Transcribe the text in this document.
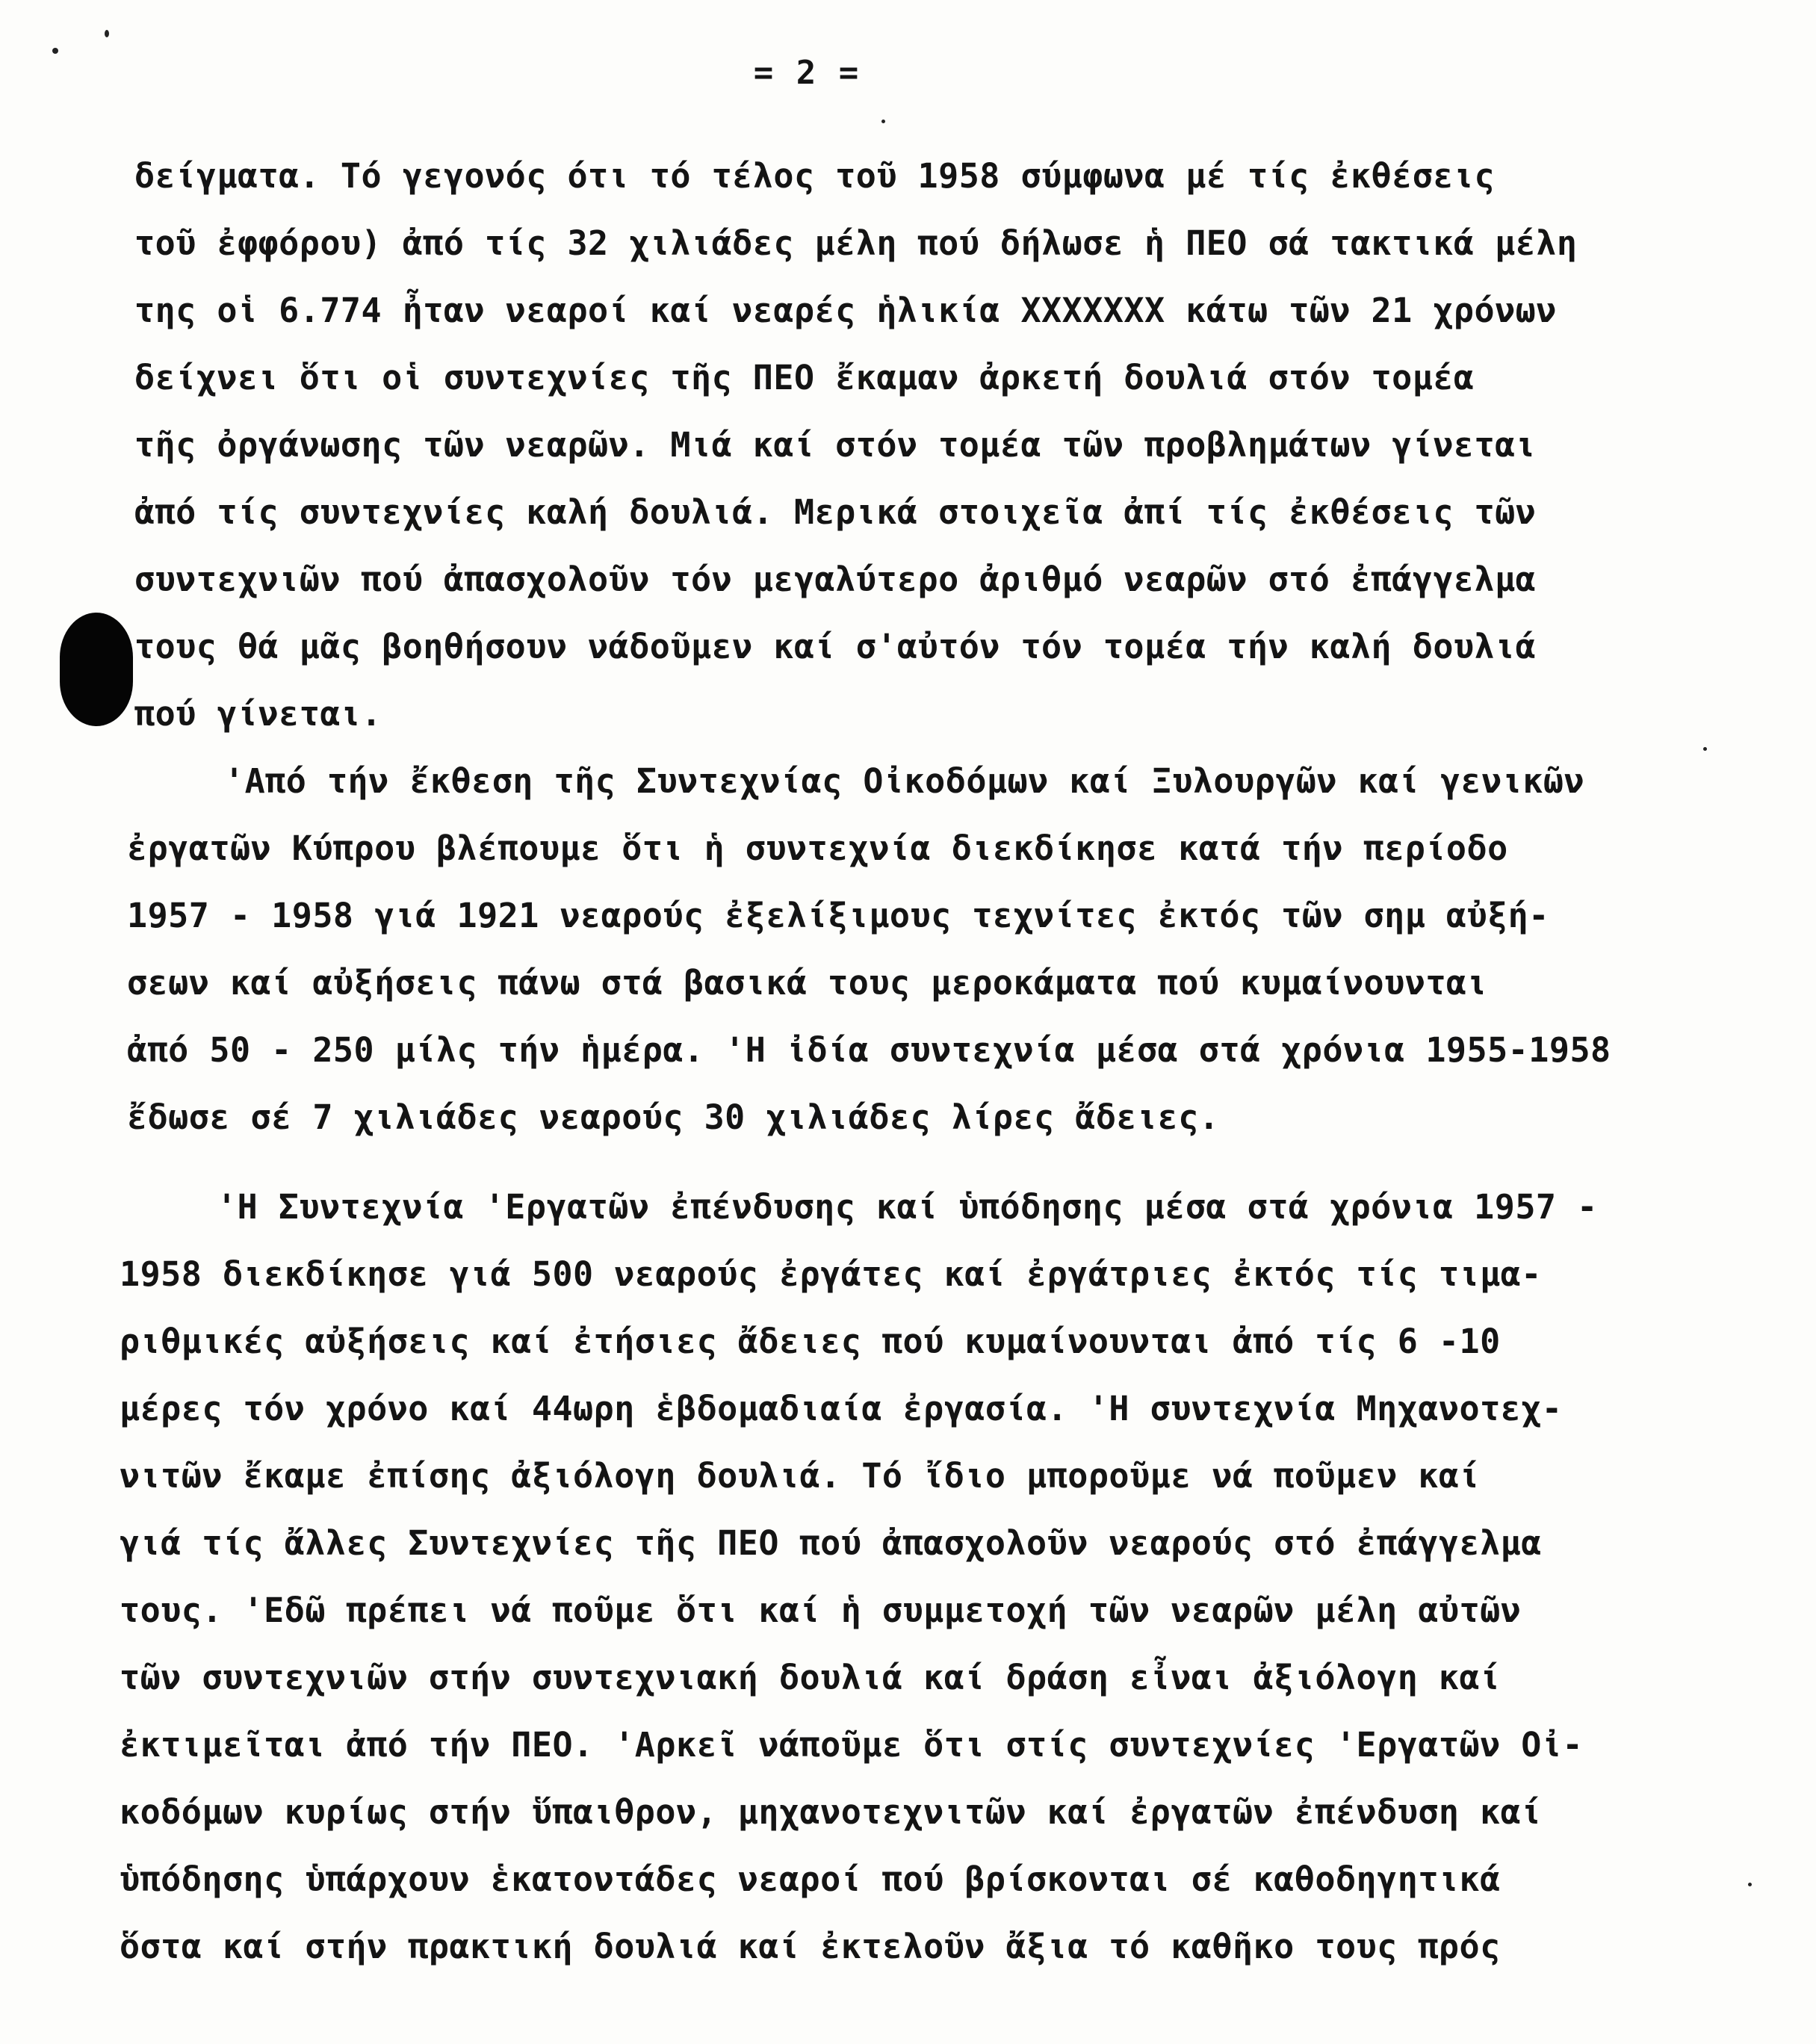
= 2 =
δείγματα. Τό γεγονός ότι τό τέλος τοῦ 1958 σύμφωνα μέ τίς ἐκθέσεις
τοῦ ἐφφόρου) ἀπό τίς 32 χιλιάδες μέλη πού δήλωσε ἡ ΠΕΟ σά τακτικά μέλη
της οἱ 6.774 ἦταν νεαροί καί νεαρές ἡλικία ΧΧΧΧΧΧΧ κάτω τῶν 21 χρόνων
δείχνει ὅτι οἱ συντεχνίες τῆς ΠΕΟ ἔκαμαν ἀρκετή δουλιά στόν τομέα
τῆς ὀργάνωσης τῶν νεαρῶν. Μιά καί στόν τομέα τῶν προβλημάτων γίνεται
ἀπό τίς συντεχνίες καλή δουλιά. Μερικά στοιχεῖα ἀπί τίς ἐκθέσεις τῶν
συντεχνιῶν πού ἀπασχολοῦν τόν μεγαλύτερο ἀριθμό νεαρῶν στό ἐπάγγελμα
τους θά μᾶς βοηθήσουν νάδοῦμεν καί σ'αὐτόν τόν τομέα τήν καλή δουλιά
πού γίνεται.
'Από τήν ἔκθεση τῆς Συντεχνίας Οἰκοδόμων καί Ξυλουργῶν καί γενικῶν
ἐργατῶν Κύπρου βλέπουμε ὅτι ἡ συντεχνία διεκδίκησε κατά τήν περίοδο
1957 - 1958 γιά 1921 νεαρούς ἐξελίξιμους τεχνίτες ἐκτός τῶν σημ αὐξή-
σεων καί αὐξήσεις πάνω στά βασικά τους μεροκάματα πού κυμαίνουνται
ἀπό 50 - 250 μίλς τήν ἡμέρα. 'Η ἰδία συντεχνία μέσα στά χρόνια 1955-1958
ἔδωσε σέ 7 χιλιάδες νεαρούς 30 χιλιάδες λίρες ἄδειες.
'Η Συντεχνία 'Εργατῶν ἐπένδυσης καί ὑπόδησης μέσα στά χρόνια 1957 -
1958 διεκδίκησε γιά 500 νεαρούς ἐργάτες καί ἐργάτριες ἐκτός τίς τιμα-
ριθμικές αὐξήσεις καί ἐτήσιες ἄδειες πού κυμαίνουνται ἀπό τίς 6 -10
μέρες τόν χρόνο καί 44ωρη ἑβδομαδιαία ἐργασία. 'Η συντεχνία Μηχανοτεχ-
νιτῶν ἔκαμε ἐπίσης ἀξιόλογη δουλιά. Τό ἴδιο μποροῦμε νά ποῦμεν καί
γιά τίς ἄλλες Συντεχνίες τῆς ΠΕΟ πού ἀπασχολοῦν νεαρούς στό ἐπάγγελμα
τους. 'Εδῶ πρέπει νά ποῦμε ὅτι καί ἡ συμμετοχή τῶν νεαρῶν μέλη αὐτῶν
τῶν συντεχνιῶν στήν συντεχνιακή δουλιά καί δράση εἶναι ἀξιόλογη καί
ἐκτιμεῖται ἀπό τήν ΠΕΟ. 'Αρκεῖ νάποῦμε ὅτι στίς συντεχνίες 'Εργατῶν Οἰ-
κοδόμων κυρίως στήν ὕπαιθρον, μηχανοτεχνιτῶν καί ἐργατῶν ἐπένδυση καί
ὑπόδησης ὑπάρχουν ἑκατοντάδες νεαροί πού βρίσκονται σέ καθοδηγητικά
ὅστα καί στήν πρακτική δουλιά καί ἐκτελοῦν ἄξια τό καθῆκο τους πρός
